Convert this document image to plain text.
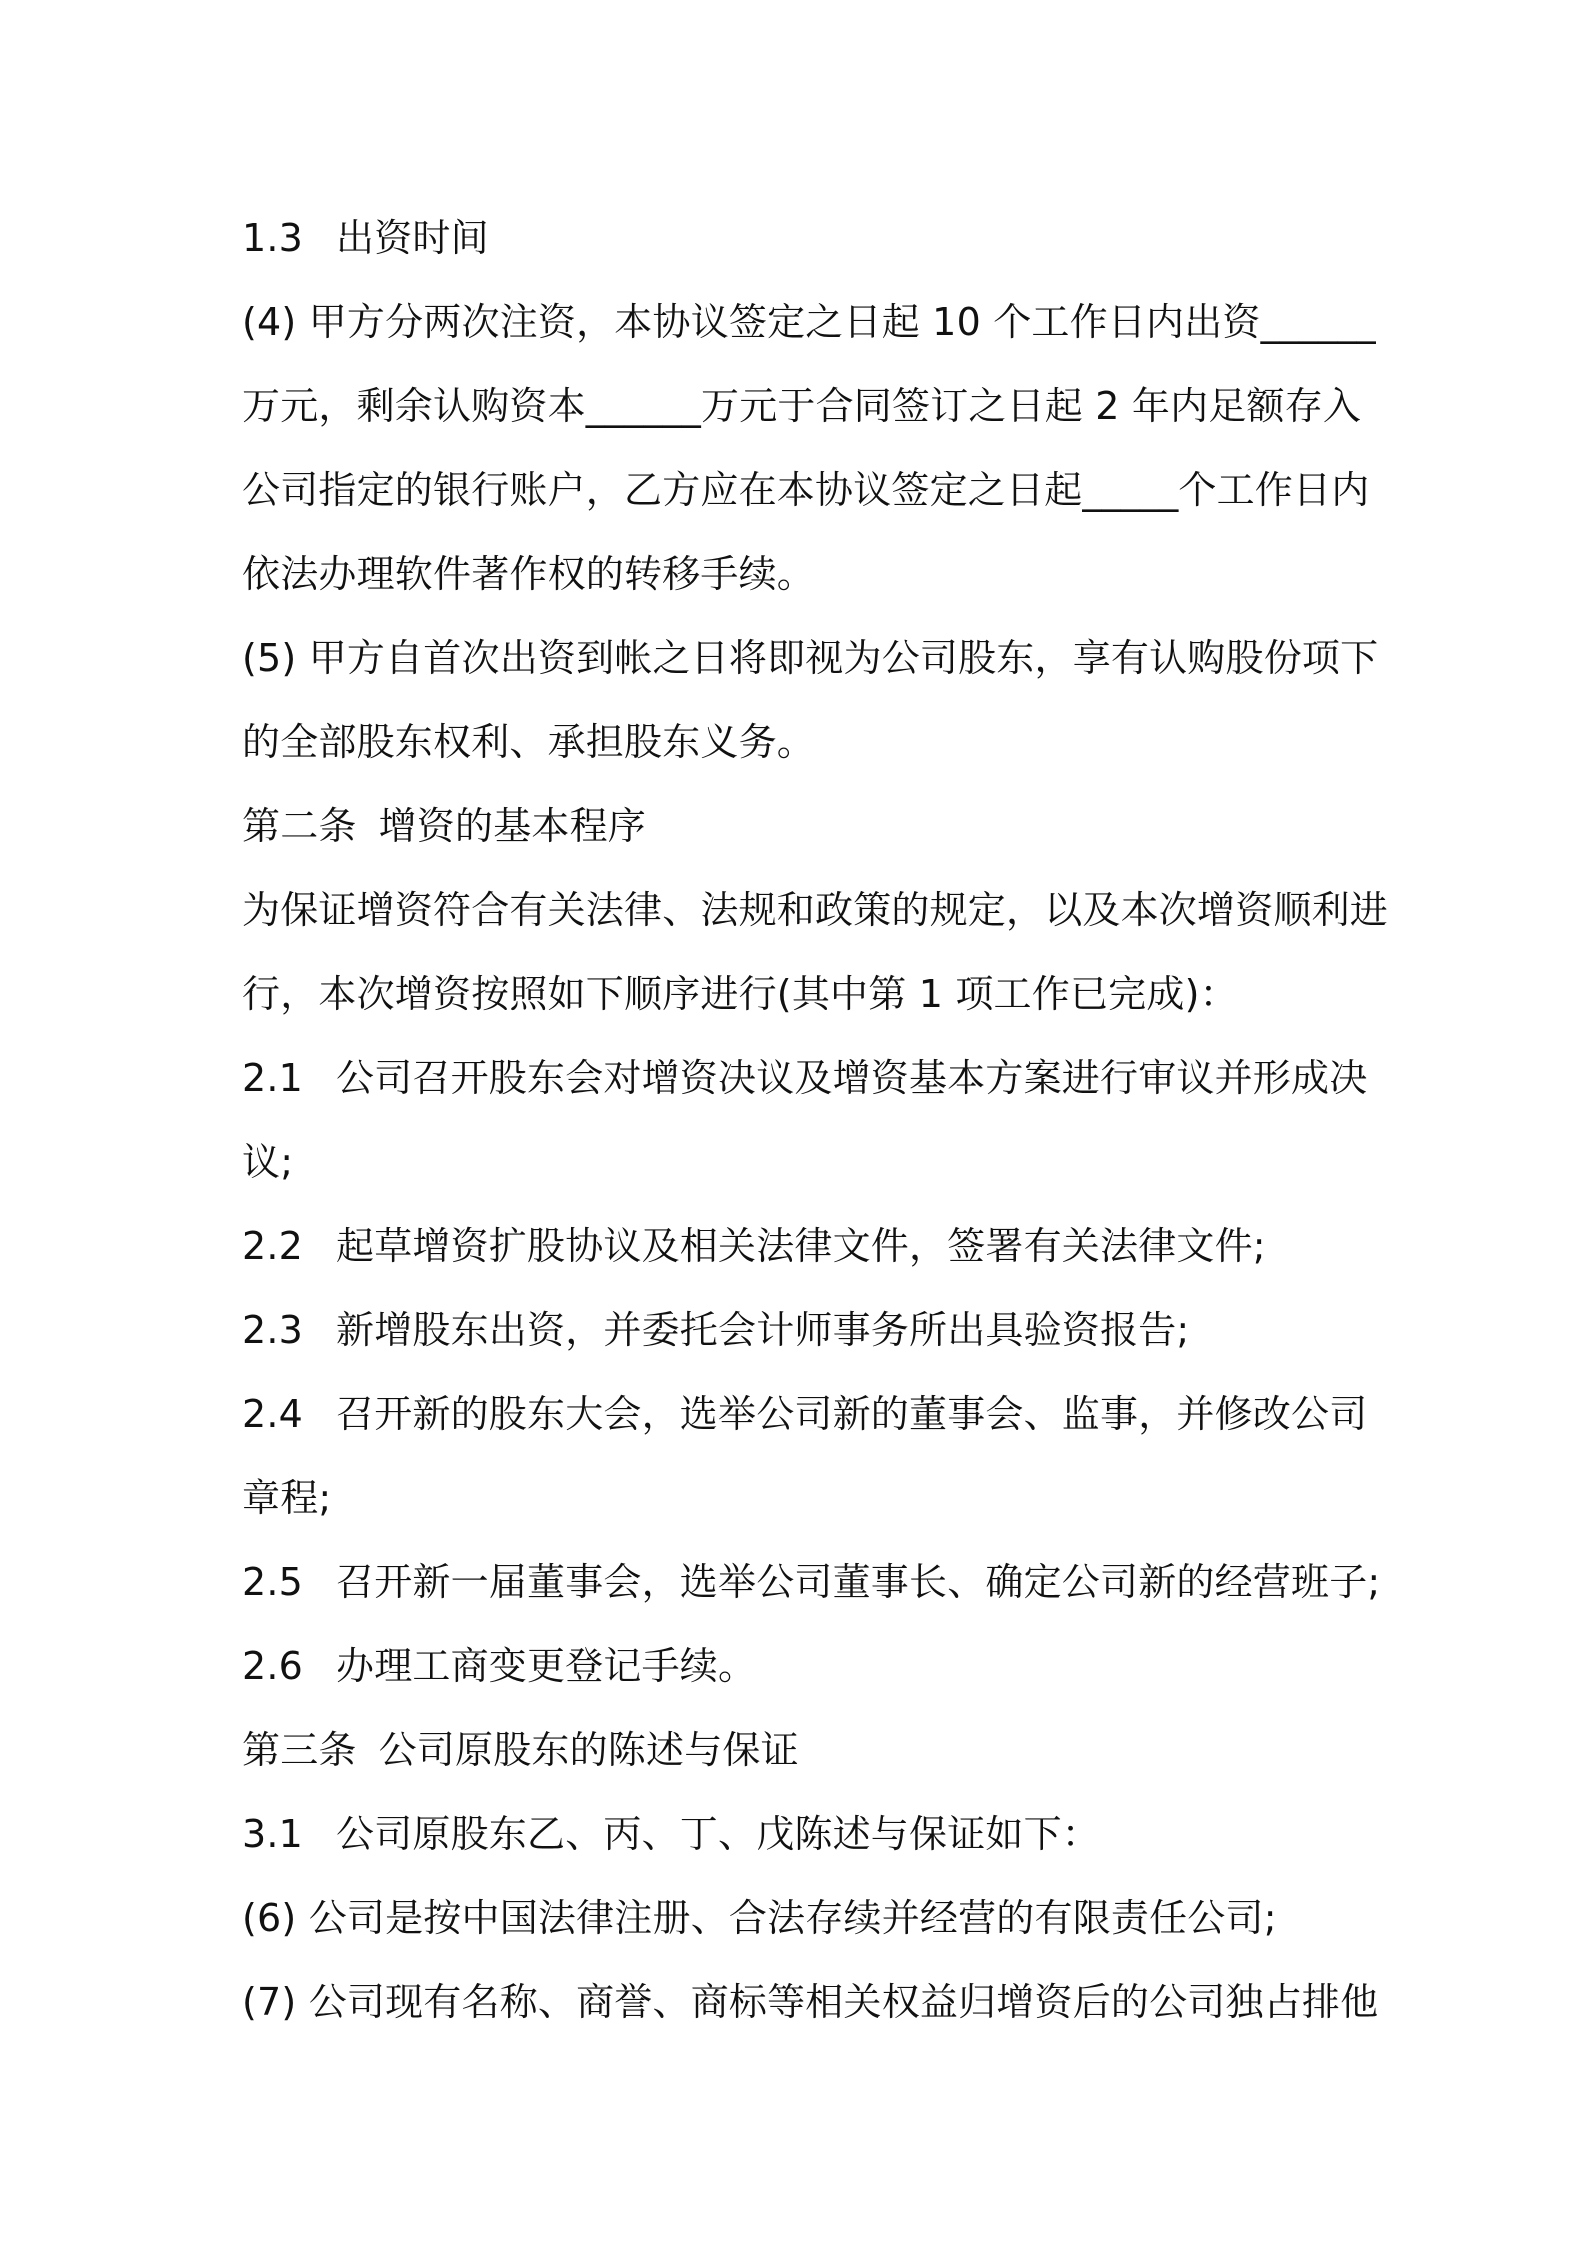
1.3 出资时间
(4) 甲方分两次注资，本协议签定之日起 10 个工作日内出资______
万元，剩余认购资本______万元于合同签订之日起 2 年内足额存入
公司指定的银行账户，乙方应在本协议签定之日起_____个工作日内
依法办理软件著作权的转移手续。
(5) 甲方自首次出资到帐之日将即视为公司股东，享有认购股份项下
的全部股东权利、承担股东义务。
第二条 增资的基本程序
为保证增资符合有关法律、法规和政策的规定，以及本次增资顺利进
行，本次增资按照如下顺序进行(其中第 1 项工作已完成)：
2.1 公司召开股东会对增资决议及增资基本方案进行审议并形成决
议;
2.2 起草增资扩股协议及相关法律文件，签署有关法律文件;
2.3 新增股东出资，并委托会计师事务所出具验资报告;
2.4 召开新的股东大会，选举公司新的董事会、监事，并修改公司
章程;
2.5 召开新一届董事会，选举公司董事长、确定公司新的经营班子;
2.6 办理工商变更登记手续。
第三条 公司原股东的陈述与保证
3.1 公司原股东乙、丙、丁、戊陈述与保证如下：
(6) 公司是按中国法律注册、合法存续并经营的有限责任公司;
(7) 公司现有名称、商誉、商标等相关权益归增资后的公司独占排他
